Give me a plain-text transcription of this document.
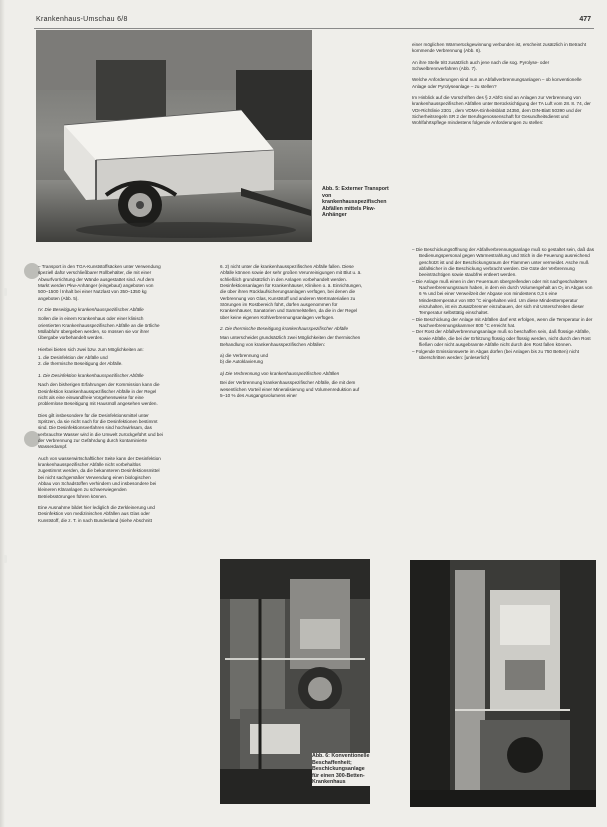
Krankenhaus-Umschau 6/8	477
Abb. 5: Externer Transport von krankenhausspezifischen Abfällen mittels Pkw-Anhänger

– Transport in den TGA-Kunststoffsäcken unter Verwendung speziell dafür verschließbarer Rollbehälter, die mit einer Abwurfvorrichtung der Wände ausgestattet sind. Auf dem Markt werden Pkw-Anhänger (eingebaut) angeboten von 500–1500 l Inhalt bei einer Nutzlast von 350–1350 kg angeboten (Abb. 5).

IV. Die Beseitigung krankenhausspezifischer Abfälle

Sollen die in einem Krankenhaus oder einer klinisch orientierten Krankenhausspezifischen Abfälle an die örtliche Müllabfuhr übergeben werden, so müssen sie vor ihrer Übergabe vorbehandelt werden.

Hierbei bieten sich zwei bzw. zum Möglichkeiten an:

1. die Desinfektion der Abfälle und

2. die thermische Beseitigung der Abfälle.

1. Die Desinfektion krankenhausspezifischer Abfälle

Nach den bisherigen Erfahrungen der Kommission kann die Desinfektion krankenhausspezifischer Abfälle in der Regel nicht als eine einwandfreie Vorgehensweise für eine problemlose Beseitigung mit Hausmüll angesehen werden.

Dies gilt insbesondere für die Desinfektionsmittel unter Spritzen, da sie nicht nach für die Desinfektionen bestimmt sind. Die Desinfektionsverfahren sind hochwirksam, das verbrauchte Wasser wird in die Umwelt zurückgeführt und bei der Verbrennung zur Gefährdung durch kontaminierte Wasserdampf.

Auch von wasserwirtschaftlicher Seite kann der Desinfektion krankenhausspezifischer Abfälle nicht vorbehaltlos zugestimmt werden, da die bekannteren Desinfektionsmittel bei nicht sachgemäßer Verwendung einen biologischen Abbau von Schadstoffen verhindern und insbesondere bei kleineren Kläranlagen zu schwerwiegenden Betriebsstörungen führen können.

Eine Ausnahme bildet hier lediglich die Zerkleinerung und Desinfektion von medizinischen Abfällen aus Glas oder Kunststoff, die z. T. in nach Bundesland (siehe Abschnitt

6. 2) nicht unter die krankenhausspezifischen Abfälle fallen. Diese Abfälle können sowie der sehr großen Verunreinigungen mit Blut u. ä. schließlich grundsätzlich in den Anlagen vorbehandelt werden. Desinfektionsanlagen für Krankenhäuser, Kliniken o. ä. Einrichtungen, die über ihren Rücklaufsicherungsanlagen verfügen, bei denen die Verbrennung von Glas, Kunststoff und anderen Wertmaterialien zu Störungen im Rostbereich führt, dürfen ausgenommen für Krankenhäuser, Sanatorien und Sammelstellen, da die in der Regel über keine eigenen Kühlverbrennungsanlagen verfügen.

2. Die thermische Beseitigung krankenhausspezifischer Abfälle

Man unterscheidet grundsätzlich zwei Möglichkeiten der thermischen Behandlung von krankenhausspezifischen Abfällen:

a) die Verbrennung und

b) die Autoklavierung

a) Die Verbrennung von krankenhausspezifischen Abfällen

Bei der Verbrennung krankenhausspezifischer Abfälle, die mit dem wesentlichen Vorteil einer Mineralisierung und Volumenreduktion auf 5–10 % des Ausgangsvolumens einer

einer möglichen Wärmerückgewinnung verbunden ist, erscheint zusätzlich in Betracht kommende Verbrennung (Abb. 6).

An ihre Stelle tritt zusätzlich auch jene nach die sog. Pyrolyse- oder Schwelbrennverfahren (Abb. 7).

Welche Anforderungen sind nun an Abfallverbrennungsanlagen – ob konventionelle Anlage oder Pyrolyseanlage – zu stellen?

Im Hinblick auf die Vorschriften des § 2 AbfG sind an Anlagen zur Verbrennung von krankenhausspezifischen Abfällen unter Berücksichtigung der TA Luft vom 28. 8. 74, der VDI-Richtlinie 2301 , dem VDMA-Einheitsblatt 24350, dem DIN-Blatt 50390 und der Sicherheitsregeln SR 2 der Berufsgenossenschaft für Gesundheitsdienst und Wohlfahrtspflege mindestens folgende Anforderungen zu stellen:

– Die Beschickungsöffnung der Abfallverbrennungsanlage muß so gestaltet sein, daß das Bedienungspersonal gegen Wärmestrahlung und Stich in die Feuerung ausreichend geschützt ist und der Beschickungsraum der Flammen unter vermeidet. Asche muß abfallsicher in die Beschickung verbracht werden. Die Güte der Verbrennung beeinträchtigen sowie staubfrei entleert werden.

– Die Anlage muß einen in den Feuerraum übergreifenden oder mit nachgeschaltetem Nachverbrennungsraum haben, in dem ein durch Volumengehalt an O₂ im Abgas von 6 % und bei einer Verweilzeit der Abgase von mindestens 0,3 s eine Mindesttemperatur von 800 °C eingehalten wird. Um diese Mindesttemperatur einzuhalten, ist ein Zusatzbrenner einzubauen, der sich mit Unterschreiten dieser Temperatur selbsttätig einschaltet.

– Die Beschickung der Anlage mit Abfällen darf erst erfolgen, wenn die Temperatur in der Nachverbrennungskammer 800 °C erreicht hat.

– Der Rost der Abfallverbrennungsanlage muß so beschaffen sein, daß flüssige Abfälle, sowie Abfälle, die bei der Erhitzung flüssig oder flüssig werden, nicht durch den Rost fließen oder nicht ausgebrannte Abfälle nicht durch den Rost fallen können.

– Folgende Emissionswerte im Abgas dürfen (bei Anlagen bis zu 750 Betten) nicht überschritten werden: [unleserlich]

Abb. 6: Konventionelle Beschaffenheit; Beschickungsanlage für einen 300-Betten-Krankenhaus
